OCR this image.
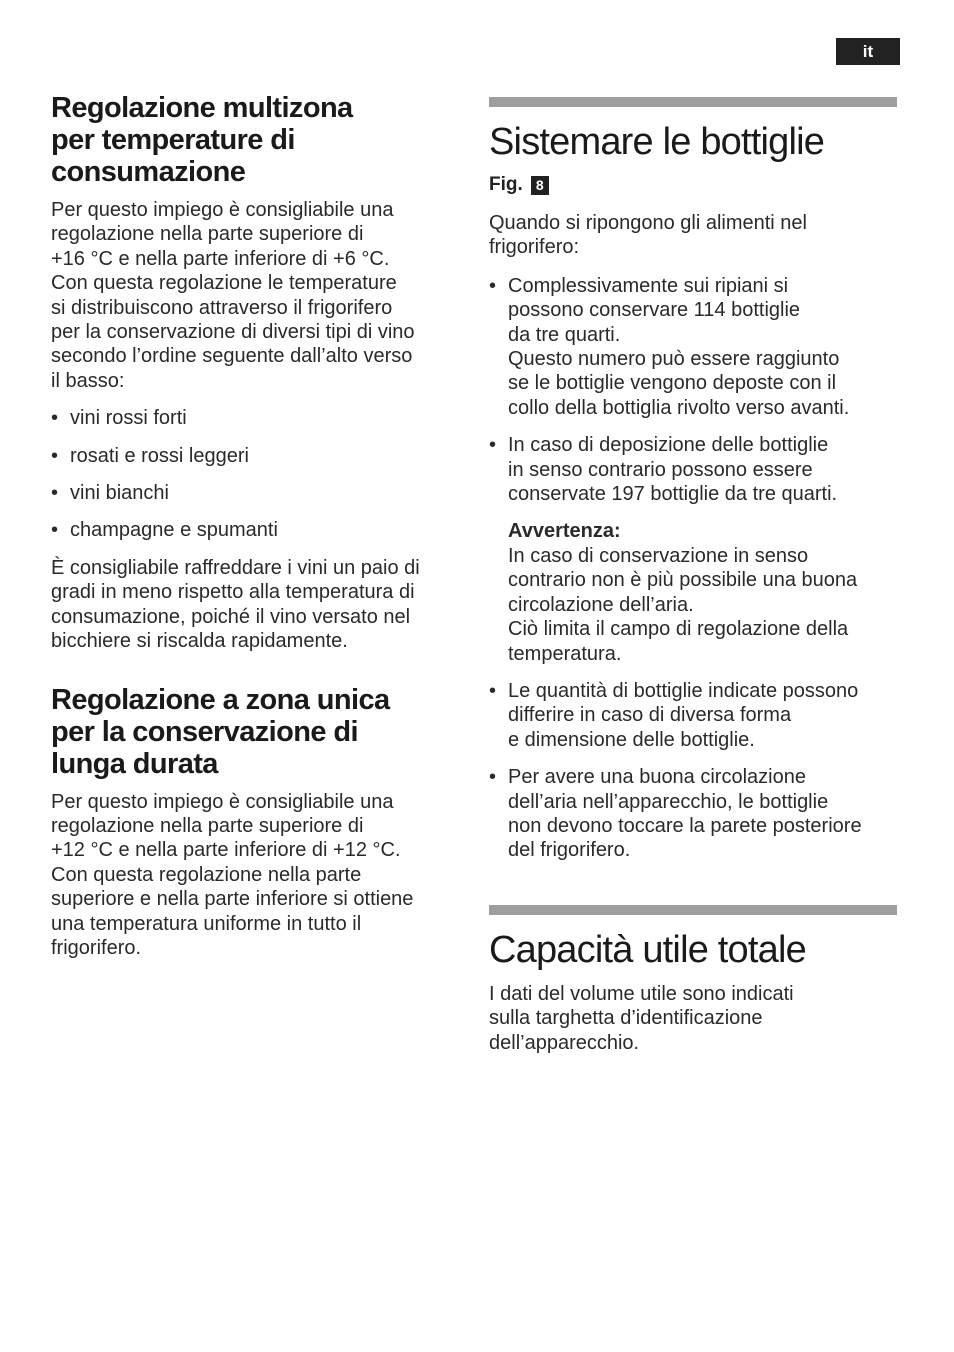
it
Regolazione multizona
per temperature di
consumazione

Per questo impiego è consigliabile una
regolazione nella parte superiore di
+16 °C e nella parte inferiore di +6 °C.
Con questa regolazione le temperature
si distribuiscono attraverso il frigorifero
per la conservazione di diversi tipi di vino
secondo l’ordine seguente dall’alto verso
il basso:

• vini rossi forti
• rosati e rossi leggeri
• vini bianchi
• champagne e spumanti

È consigliabile raffreddare i vini un paio di
gradi in meno rispetto alla temperatura di
consumazione, poiché il vino versato nel
bicchiere si riscalda rapidamente.

Regolazione a zona unica
per la conservazione di
lunga durata

Per questo impiego è consigliabile una
regolazione nella parte superiore di
+12 °C e nella parte inferiore di +12 °C.
Con questa regolazione nella parte
superiore e nella parte inferiore si ottiene
una temperatura uniforme in tutto il
frigorifero.

Sistemare le bottiglie
Fig. 8

Quando si ripongono gli alimenti nel
frigorifero:

• Complessivamente sui ripiani si
possono conservare 114 bottiglie
da tre quarti.
Questo numero può essere raggiunto
se le bottiglie vengono deposte con il
collo della bottiglia rivolto verso avanti.
• In caso di deposizione delle bottiglie
in senso contrario possono essere
conservate 197 bottiglie da tre quarti.
Avvertenza:
In caso di conservazione in senso
contrario non è più possibile una buona
circolazione dell’aria.
Ciò limita il campo di regolazione della
temperatura.
• Le quantità di bottiglie indicate possono
differire in caso di diversa forma
e dimensione delle bottiglie.
• Per avere una buona circolazione
dell’aria nell’apparecchio, le bottiglie
non devono toccare la parete posteriore
del frigorifero.
Capacità utile totale

I dati del volume utile sono indicati
sulla targhetta d’identificazione
dell’apparecchio.
